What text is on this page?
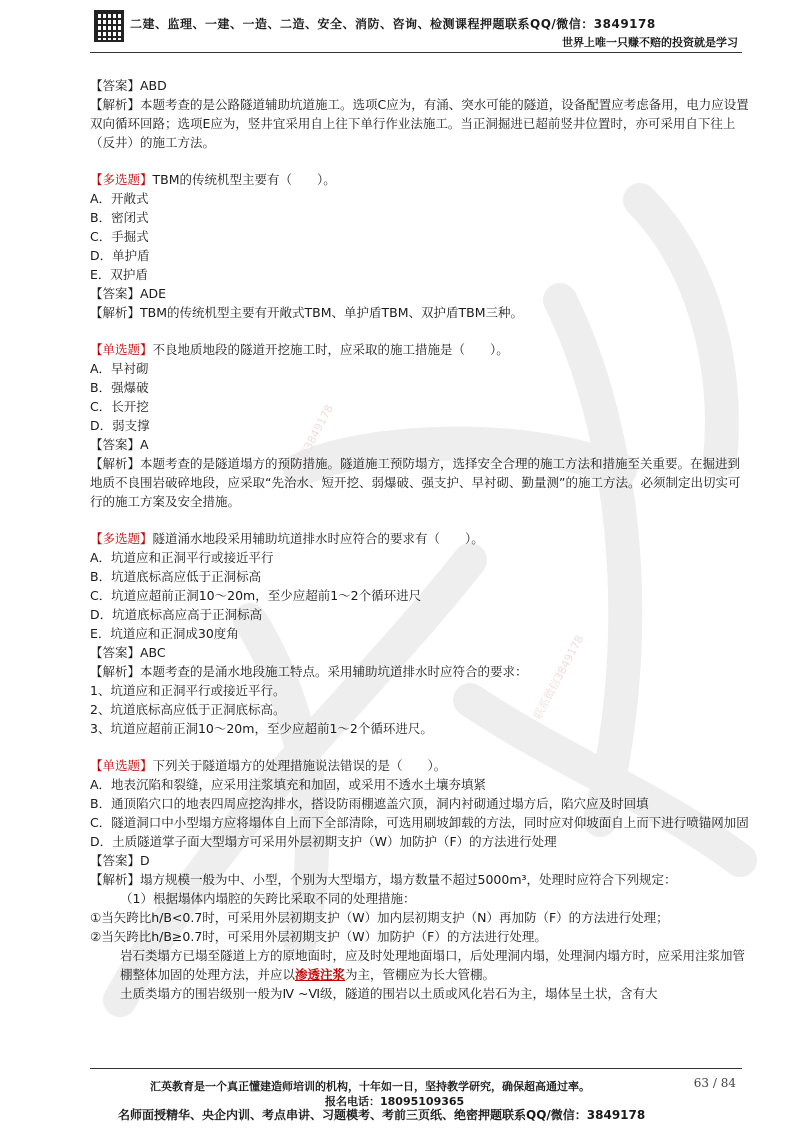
微信3849178
联系微信3849178
二建、监理、一建、一造、二造、安全、消防、咨询、检测课程押题联系QQ/微信：3849178
世界上唯一只赚不赔的投资就是学习

【答案】ABD

【解析】本题考查的是公路隧道辅助坑道施工。选项C应为，有涌、突水可能的隧道，设备配置应考虑备用，电力应设置双向循环回路；选项E应为，竖井宜采用自上往下单行作业法施工。当正洞掘进已超前竖井位置时，亦可采用自下往上（反井）的施工方法。

【多选题】TBM的传统机型主要有（　　）。

A．开敞式

B．密闭式

C．手掘式

D．单护盾

E．双护盾

【答案】ADE

【解析】TBM的传统机型主要有开敞式TBM、单护盾TBM、双护盾TBM三种。

【单选题】不良地质地段的隧道开挖施工时，应采取的施工措施是（　　）。

A．早衬砌

B．强爆破

C．长开挖

D．弱支撑

【答案】A

【解析】本题考查的是隧道塌方的预防措施。隧道施工预防塌方，选择安全合理的施工方法和措施至关重要。在掘进到地质不良围岩破碎地段，应采取“先治水、短开挖、弱爆破、强支护、早衬砌、勤量测”的施工方法。必须制定出切实可行的施工方案及安全措施。

【多选题】隧道涌水地段采用辅助坑道排水时应符合的要求有（　　）。

A．坑道应和正洞平行或接近平行

B．坑道底标高应低于正洞标高

C．坑道应超前正洞10～20m，至少应超前1～2个循环进尺

D．坑道底标高应高于正洞标高

E．坑道应和正洞成30度角

【答案】ABC

【解析】本题考查的是涌水地段施工特点。采用辅助坑道排水时应符合的要求：

1、坑道应和正洞平行或接近平行。

2、坑道底标高应低于正洞底标高。

3、坑道应超前正洞10～20m，至少应超前1～2个循环进尺。

【单选题】下列关于隧道塌方的处理措施说法错误的是（　　）。

A．地表沉陷和裂缝，应采用注浆填充和加固，或采用不透水土壤夯填紧

B．通顶陷穴口的地表四周应挖沟排水，搭设防雨棚遮盖穴顶，洞内衬砌通过塌方后，陷穴应及时回填

C．隧道洞口中小型塌方应将塌体自上而下全部清除，可选用刷坡卸载的方法，同时应对仰坡面自上而下进行喷锚网加固

D．土质隧道掌子面大型塌方可采用外层初期支护（W）加防护（F）的方法进行处理

【答案】D

【解析】塌方规模一般为中、小型，个别为大型塌方，塌方数量不超过5000m³，处理时应符合下列规定：

（1）根据塌体内塌腔的矢跨比采取不同的处理措施：

①当矢跨比h/B<0.7时，可采用外层初期支护（W）加内层初期支护（N）再加防（F）的方法进行处理；

②当矢跨比h/B≥0.7时，可采用外层初期支护（W）加防护（F）的方法进行处理。

岩石类塌方已塌至隧道上方的原地面时，应及时处理地面塌口，后处理洞内塌，处理洞内塌方时，应采用注浆加管棚整体加固的处理方法，并应以渗透注浆为主，管棚应为长大管棚。

土质类塌方的围岩级别一般为Ⅳ ~Ⅵ级，隧道的围岩以土质或风化岩石为主，塌体呈土状，含有大

汇英教育是一个真正懂建造师培训的机构，十年如一日，坚持教学研究，确保超高通过率。	63 / 84
报名电话：18095109365
名师面授精华、央企内训、考点串讲、习题模考、考前三页纸、绝密押题联系QQ/微信：3849178
